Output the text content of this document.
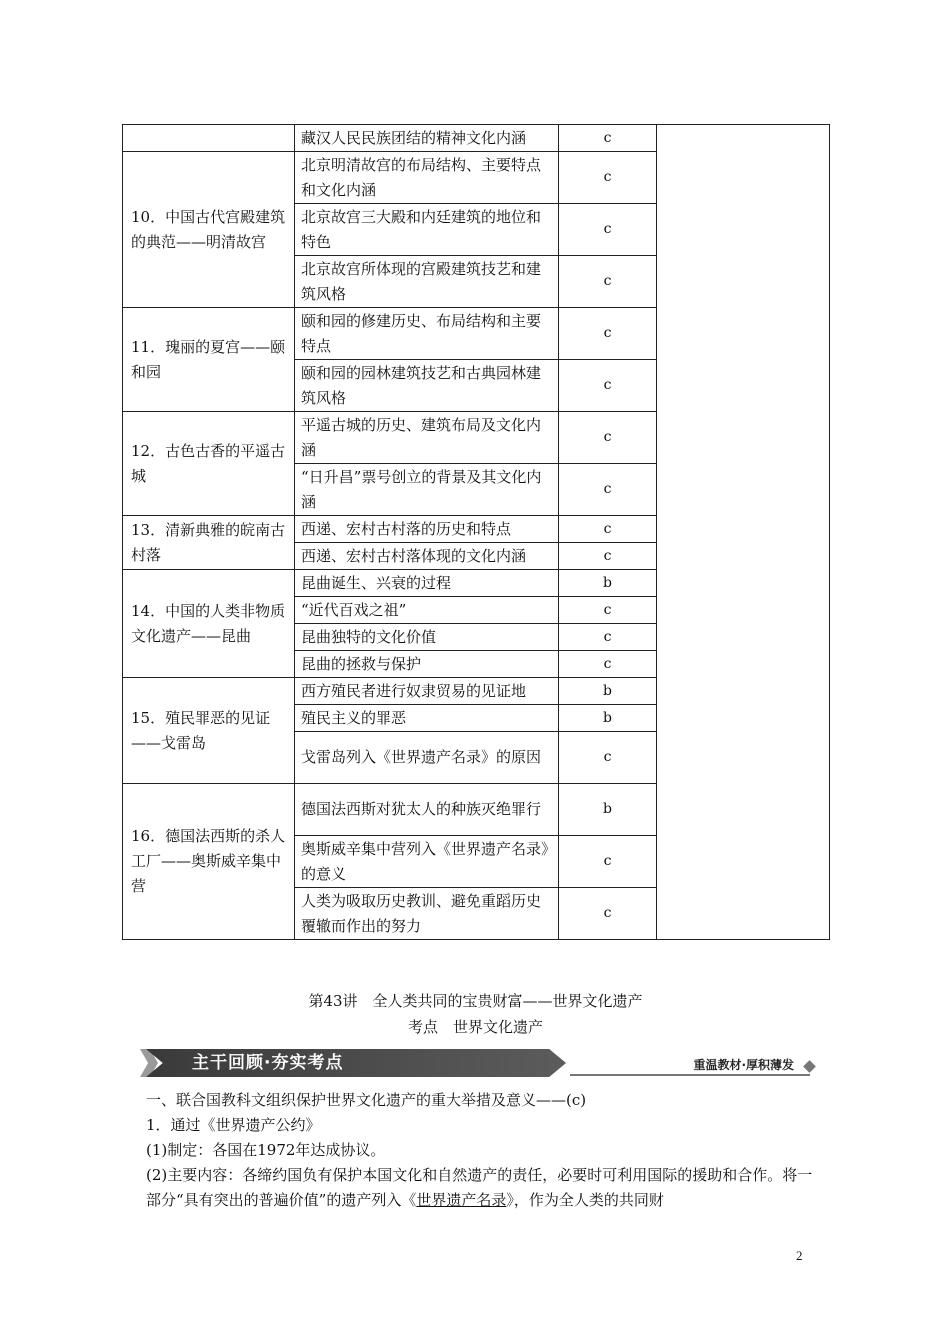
	藏汉人民民族团结的精神文化内涵	c	
10．中国古代宫殿建筑的典范——明清故宫	北京明清故宫的布局结构、主要特点和文化内涵	c	
	北京故宫三大殿和内廷建筑的地位和特色	c	
	北京故宫所体现的宫殿建筑技艺和建筑风格	c	
11．瑰丽的夏宫——颐和园	颐和园的修建历史、布局结构和主要特点	c	
	颐和园的园林建筑技艺和古典园林建筑风格	c	
12．古色古香的平遥古城	平遥古城的历史、建筑布局及文化内涵	c	
	“日升昌”票号创立的背景及其文化内涵	c	
13．清新典雅的皖南古村落	西递、宏村古村落的历史和特点	c	
	西递、宏村古村落体现的文化内涵	c	
14．中国的人类非物质文化遗产——昆曲	昆曲诞生、兴衰的过程	b	
	“近代百戏之祖”	c	
	昆曲独特的文化价值	c	
	昆曲的拯救与保护	c	
15．殖民罪恶的见证——戈雷岛	西方殖民者进行奴隶贸易的见证地	b	
	殖民主义的罪恶	b	
	戈雷岛列入《世界遗产名录》的原因	c	
16．德国法西斯的杀人工厂——奥斯威辛集中营	德国法西斯对犹太人的种族灭绝罪行	b	
	奥斯威辛集中营列入《世界遗产名录》的意义	c	
	人类为吸取历史教训、避免重蹈历史覆辙而作出的努力	c	
第43讲　全人类共同的宝贵财富——世界文化遗产
考点　世界文化遗产
主干回顾·夯实考点	重温教材·厚积薄发

一、联合国教科文组织保护世界文化遗产的重大举措及意义——(c)

1．通过《世界遗产公约》

(1)制定：各国在1972年达成协议。

(2)主要内容：各缔约国负有保护本国文化和自然遗产的责任，必要时可利用国际的援助和合作。将一部分“具有突出的普遍价值”的遗产列入《世界遗产名录》，作为全人类的共同财

2
